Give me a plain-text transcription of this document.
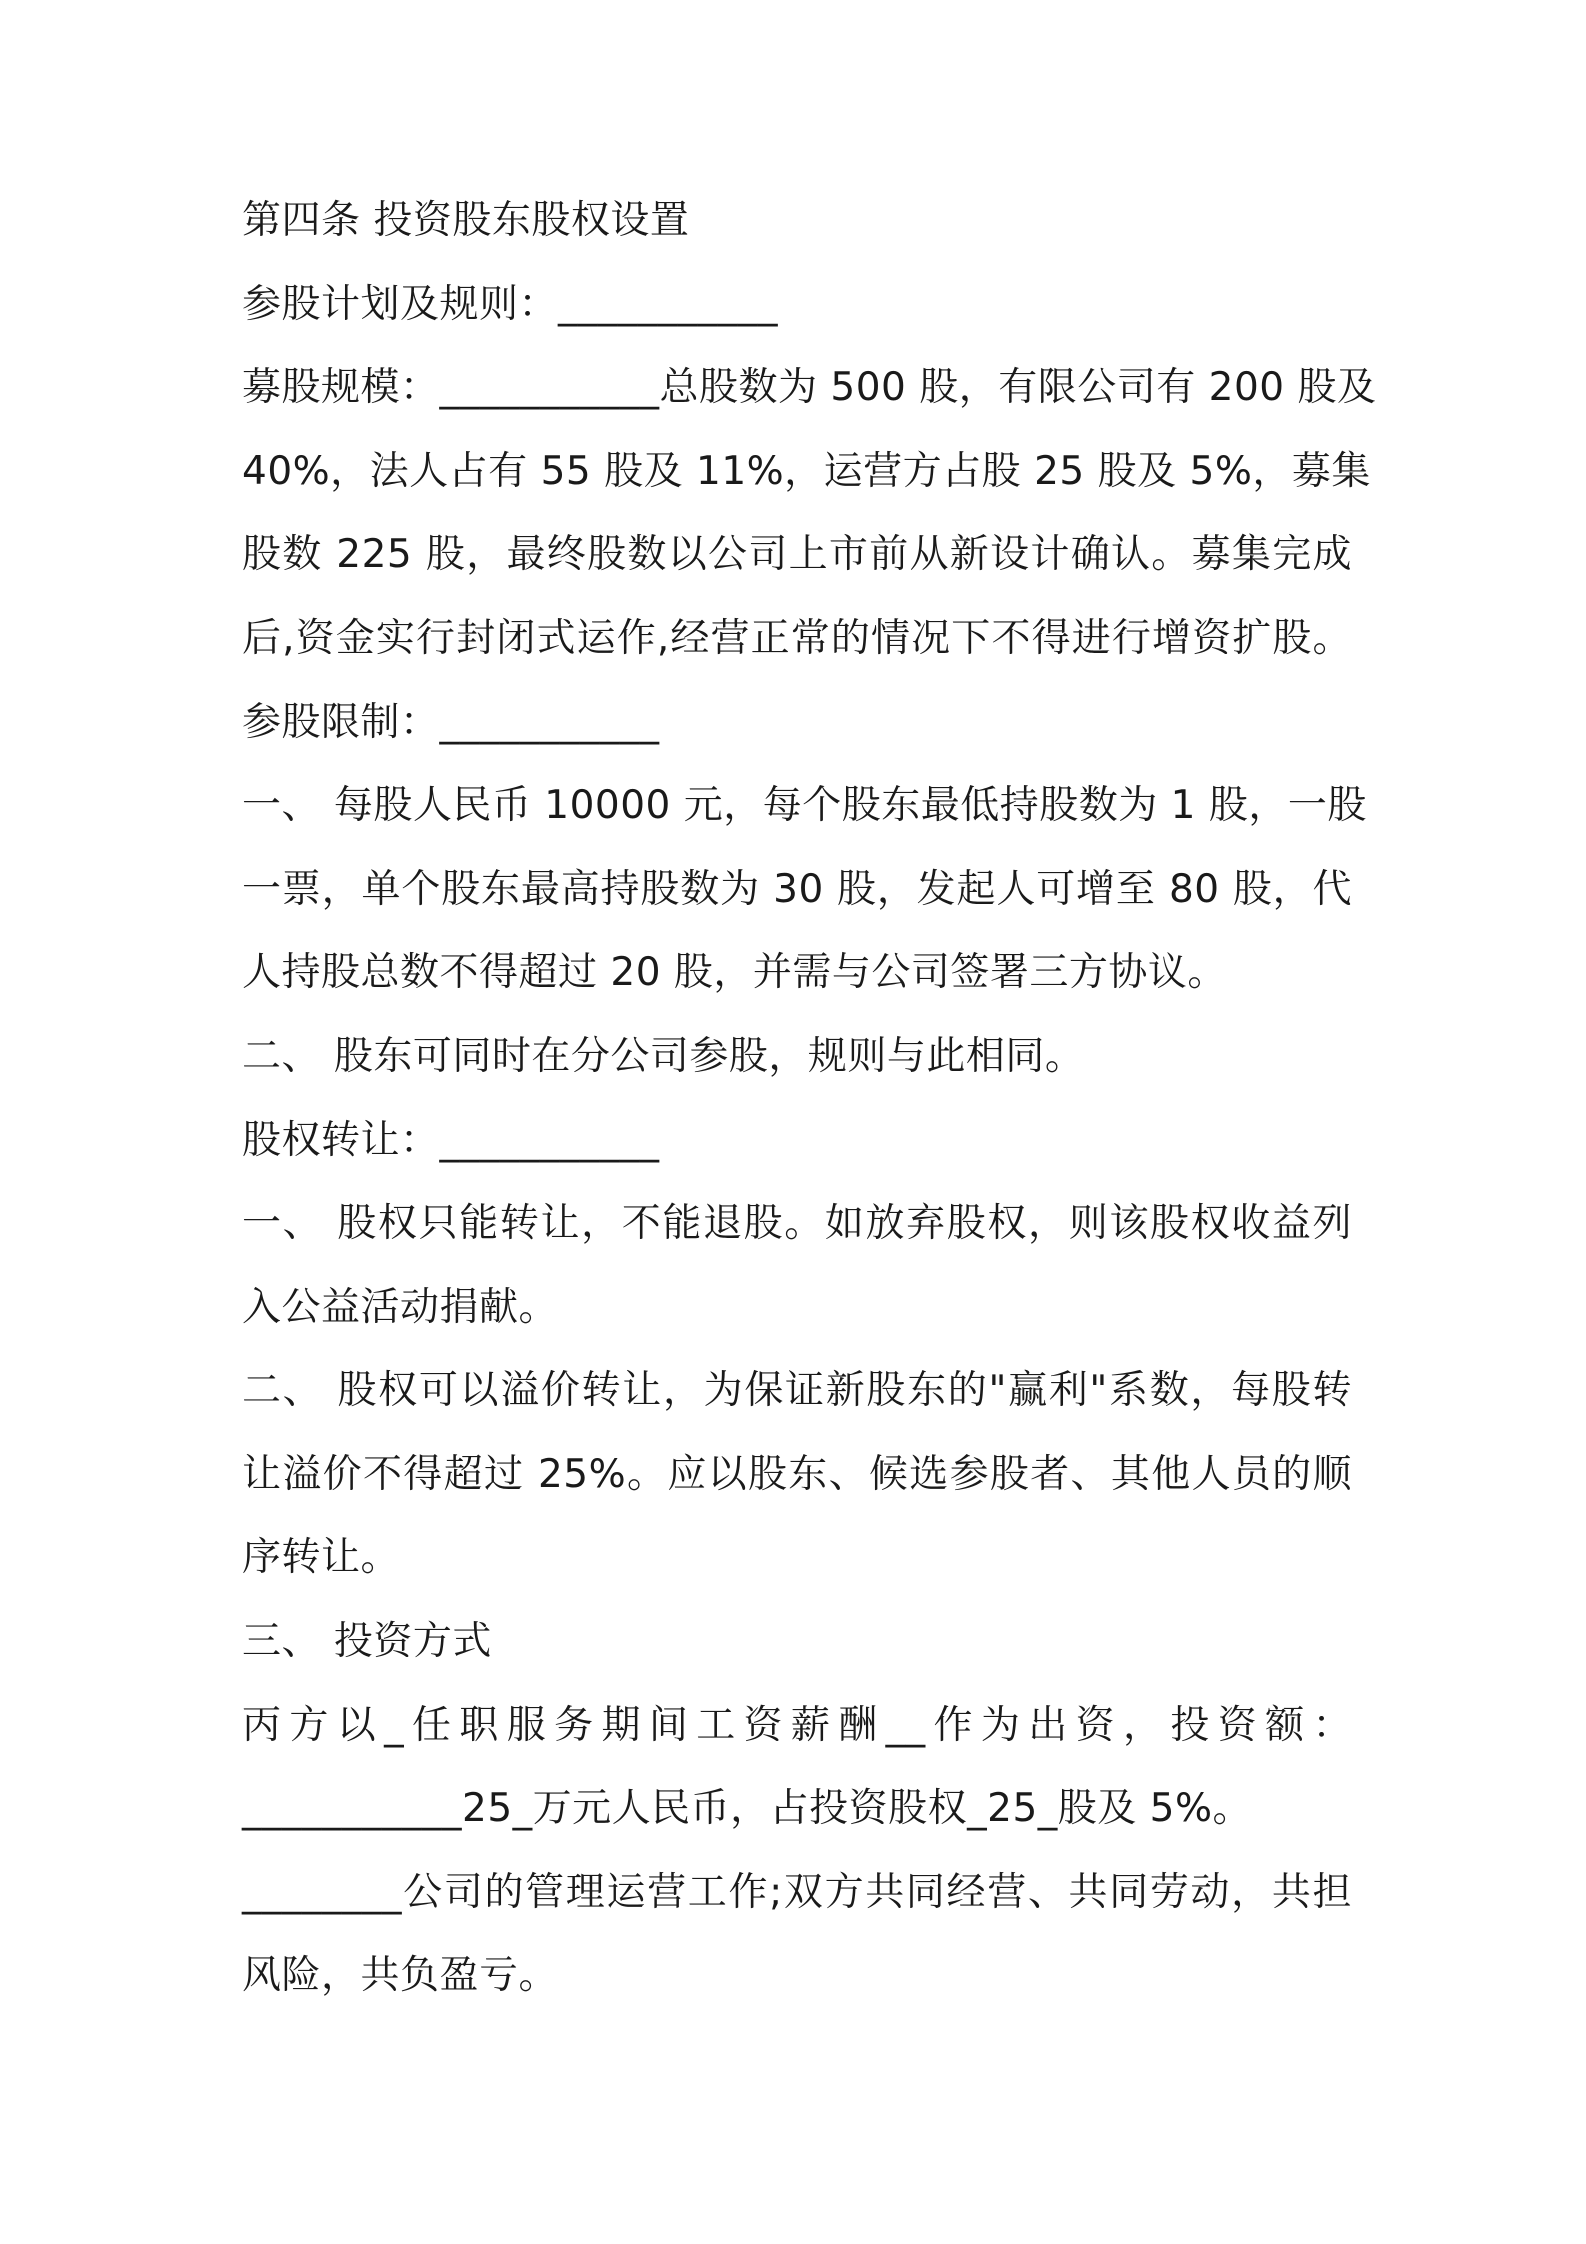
第四条 投资股东股权设置
参股计划及规则：___________
募股规模：___________总股数为 500 股，有限公司有 200 股及
40%，法人占有 55 股及 11%，运营方占股 25 股及 5%，募集
股数 225 股，最终股数以公司上市前从新设计确认。募集完成
后,资金实行封闭式运作,经营正常的情况下不得进行增资扩股。
参股限制：___________
一、 每股人民币 10000 元，每个股东最低持股数为 1 股，一股
一票，单个股东最高持股数为 30 股，发起人可增至 80 股，代
人持股总数不得超过 20 股，并需与公司签署三方协议。
二、 股东可同时在分公司参股，规则与此相同。
股权转让：___________
一、 股权只能转让，不能退股。如放弃股权，则该股权收益列
入公益活动捐献。
二、 股权可以溢价转让，为保证新股东的"赢利"系数，每股转
让溢价不得超过 25%。应以股东、候选参股者、其他人员的顺
序转让。
三、 投资方式
丙方以_任职服务期间工资薪酬__作为出资，投资额：
___________25_万元人民币，占投资股权_25_股及 5%。
________公司的管理运营工作;双方共同经营、共同劳动，共担
风险，共负盈亏。
